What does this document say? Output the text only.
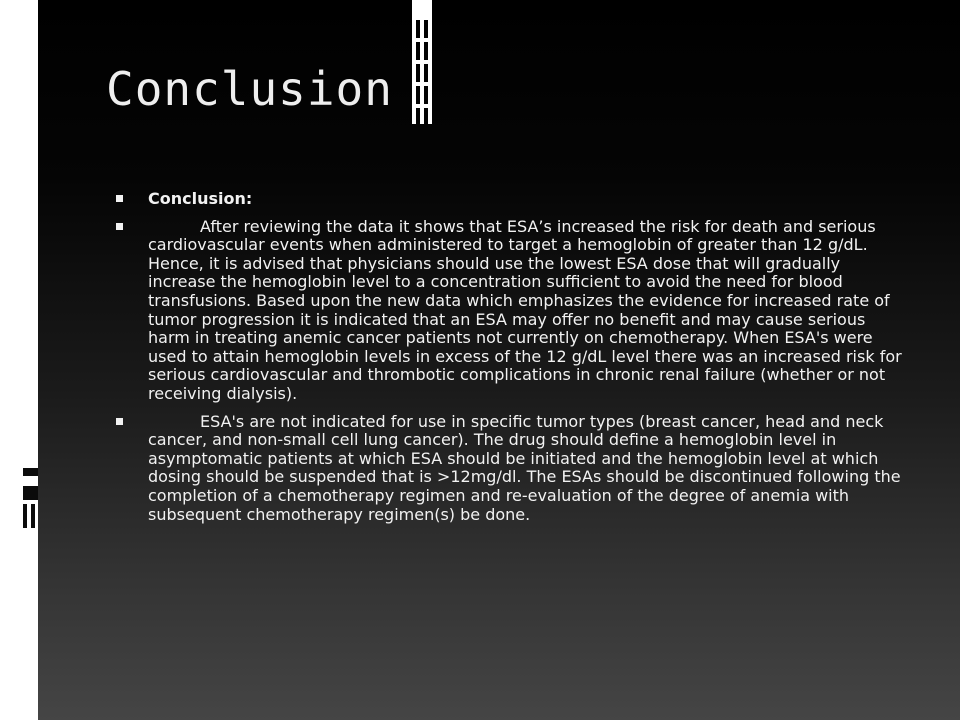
Conclusion
Conclusion:
After reviewing the data it shows that ESA’s increased the risk for death and serious cardiovascular events when administered to target a hemoglobin of greater than 12 g/dL. Hence, it is advised that physicians should use the lowest ESA dose that will gradually increase the hemoglobin level to a concentration sufficient to avoid the need for blood transfusions. Based upon the new data which emphasizes the evidence for increased rate of tumor progression it is indicated that an ESA may offer no benefit and may cause serious harm in treating anemic cancer patients not currently on chemotherapy. When ESA's were used to attain hemoglobin levels in excess of the 12 g/dL level there was an increased risk for serious cardiovascular and thrombotic complications in chronic renal failure (whether or not receiving dialysis).
ESA's are not indicated for use in specific tumor types (breast cancer, head and neck cancer, and non-small cell lung cancer). The drug should define a hemoglobin level in asymptomatic patients at which ESA should be initiated and the hemoglobin level at which dosing should be suspended that is >12mg/dl. The ESAs should be discontinued following the completion of a chemotherapy regimen and re-evaluation of the degree of anemia with subsequent chemotherapy regimen(s) be done.
